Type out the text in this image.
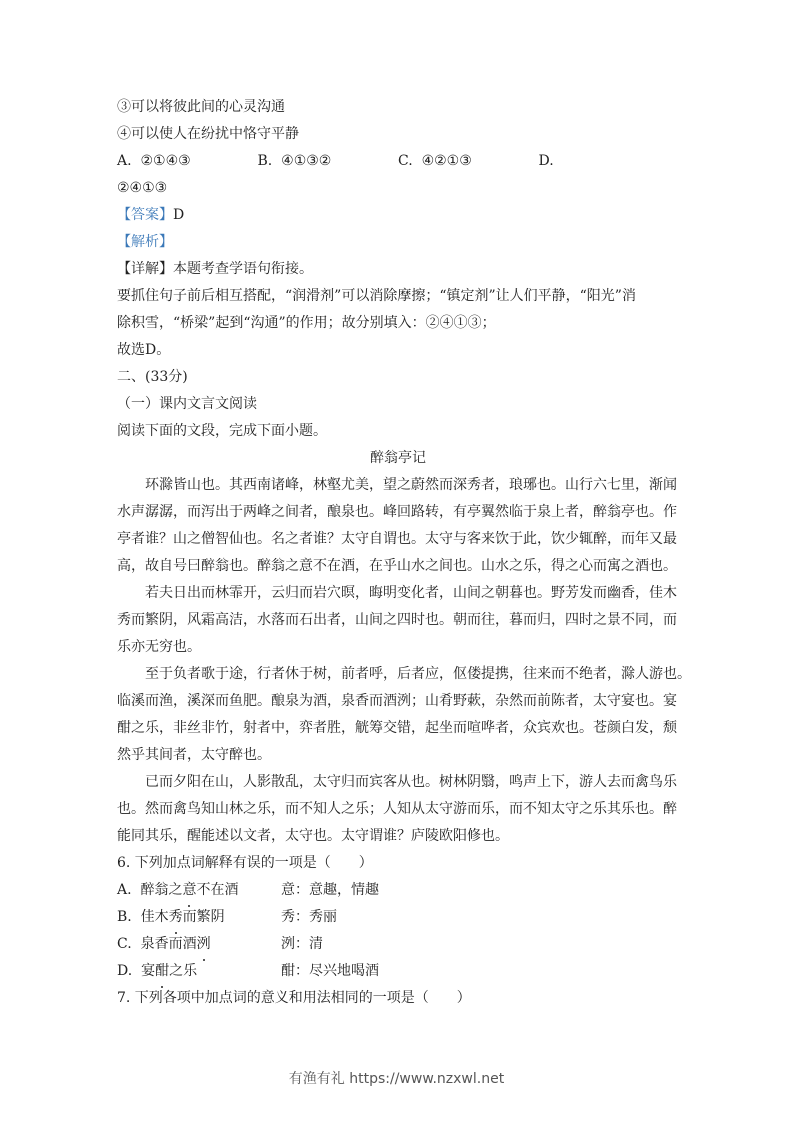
③可以将彼此间的心灵沟通
④可以使人在纷扰中恪守平静
A. ②①④③	B. ④①③②	C. ④②①③	D.
②④①③
【答案】D
【解析】
【详解】本题考查学语句衔接。
要抓住句子前后相互搭配，“润滑剂”可以消除摩擦；“镇定剂”让人们平静，“阳光”消
除积雪，“桥梁”起到“沟通”的作用；故分别填入：②④①③；
故选D。
二、(33分)
（一）课内文言文阅读
阅读下面的文段，完成下面小题。
醉翁亭记
环滁皆山也。其西南诸峰，林壑尤美，望之蔚然而深秀者，琅琊也。山行六七里，渐闻
水声潺潺，而泻出于两峰之间者，酿泉也。峰回路转，有亭翼然临于泉上者，醉翁亭也。作
亭者谁？山之僧智仙也。名之者谁？太守自谓也。太守与客来饮于此，饮少辄醉，而年又最
高，故自号曰醉翁也。醉翁之意不在酒，在乎山水之间也。山水之乐，得之心而寓之酒也。
若夫日出而林霏开，云归而岩穴暝，晦明变化者，山间之朝暮也。野芳发而幽香，佳木
秀而繁阴，风霜高洁，水落而石出者，山间之四时也。朝而往，暮而归，四时之景不同，而
乐亦无穷也。
至于负者歌于途，行者休于树，前者呼，后者应，伛偻提携，往来而不绝者，滁人游也。
临溪而渔，溪深而鱼肥。酿泉为酒，泉香而酒洌；山肴野蔌，杂然而前陈者，太守宴也。宴
酣之乐，非丝非竹，射者中，弈者胜，觥筹交错，起坐而喧哗者，众宾欢也。苍颜白发，颓
然乎其间者，太守醉也。
已而夕阳在山，人影散乱，太守归而宾客从也。树林阴翳，鸣声上下，游人去而禽鸟乐
也。然而禽鸟知山林之乐，而不知人之乐；人知从太守游而乐，而不知太守之乐其乐也。醉
能同其乐，醒能述以文者，太守也。太守谓谁？庐陵欧阳修也。
6. 下列加点词解释有误的一项是（　　）
A. 醉翁之意不在酒	意：意趣，情趣
B. 佳木秀而繁阴	秀：秀丽
C. 泉香而酒洌	洌：清
D. 宴酣之乐	酣：尽兴地喝酒
7. 下列各项中加点词的意义和用法相同的一项是（　　）
有渔有礼 https://www.nzxwl.net
